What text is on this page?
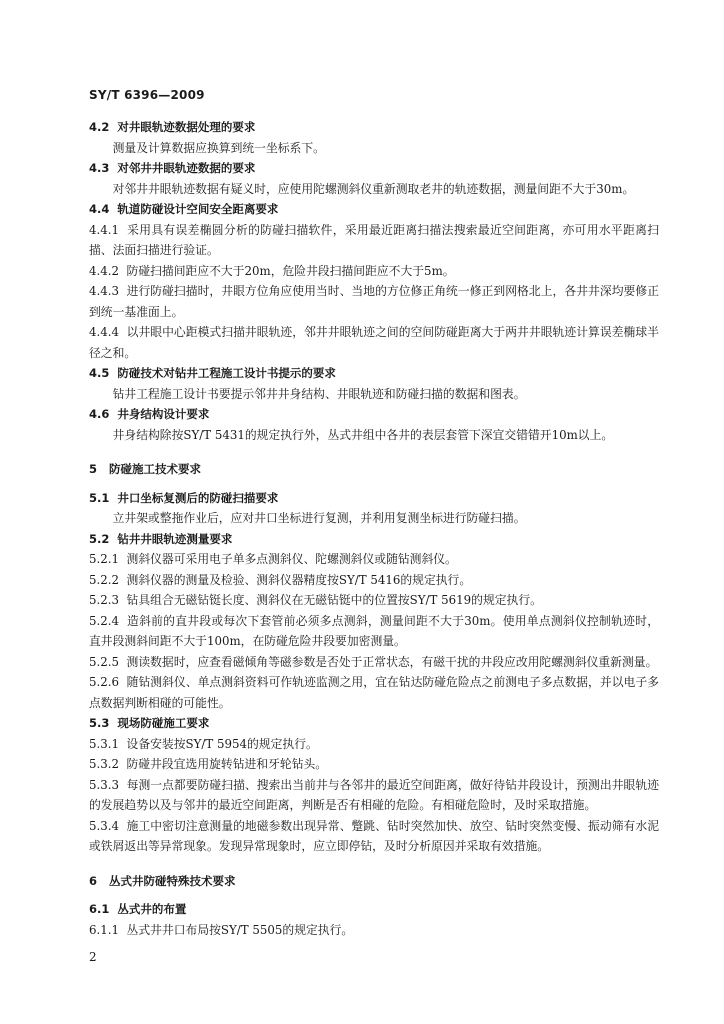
SY/T 6396—2009
4.2 对井眼轨迹数据处理的要求
测量及计算数据应换算到统一坐标系下。
4.3 对邻井井眼轨迹数据的要求
对邻井井眼轨迹数据有疑义时，应使用陀螺测斜仪重新测取老井的轨迹数据，测量间距不大于30m。
4.4 轨道防碰设计空间安全距离要求
4.4.1 采用具有误差椭圆分析的防碰扫描软件，采用最近距离扫描法搜索最近空间距离，亦可用水平距离扫描、法面扫描进行验证。
4.4.2 防碰扫描间距应不大于20m，危险井段扫描间距应不大于5m。
4.4.3 进行防碰扫描时，井眼方位角应使用当时、当地的方位修正角统一修正到网格北上，各井井深均要修正到统一基准面上。
4.4.4 以井眼中心距模式扫描井眼轨迹，邻井井眼轨迹之间的空间防碰距离大于两井井眼轨迹计算误差椭球半径之和。
4.5 防碰技术对钻井工程施工设计书提示的要求
钻井工程施工设计书要提示邻井井身结构、井眼轨迹和防碰扫描的数据和图表。
4.6 井身结构设计要求
井身结构除按SY/T 5431的规定执行外，丛式井组中各井的表层套管下深宜交错错开10m以上。
5 防碰施工技术要求
5.1 井口坐标复测后的防碰扫描要求
立井架或整拖作业后，应对井口坐标进行复测，并利用复测坐标进行防碰扫描。
5.2 钻井井眼轨迹测量要求
5.2.1 测斜仪器可采用电子单多点测斜仪、陀螺测斜仪或随钻测斜仪。
5.2.2 测斜仪器的测量及检验、测斜仪器精度按SY/T 5416的规定执行。
5.2.3 钻具组合无磁钻铤长度、测斜仪在无磁钻铤中的位置按SY/T 5619的规定执行。
5.2.4 造斜前的直井段或每次下套管前必须多点测斜，测量间距不大于30m。使用单点测斜仪控制轨迹时，直井段测斜间距不大于100m，在防碰危险井段要加密测量。
5.2.5 测读数据时，应查看磁倾角等磁参数是否处于正常状态，有磁干扰的井段应改用陀螺测斜仪重新测量。
5.2.6 随钻测斜仪、单点测斜资料可作轨迹监测之用，宜在钻达防碰危险点之前测电子多点数据，并以电子多点数据判断相碰的可能性。
5.3 现场防碰施工要求
5.3.1 设备安装按SY/T 5954的规定执行。
5.3.2 防碰井段宜选用旋转钻进和牙轮钻头。
5.3.3 每测一点都要防碰扫描、搜索出当前井与各邻井的最近空间距离，做好待钻井段设计，预测出井眼轨迹的发展趋势以及与邻井的最近空间距离，判断是否有相碰的危险。有相碰危险时，及时采取措施。
5.3.4 施工中密切注意测量的地磁参数出现异常、蹩跳、钻时突然加快、放空、钻时突然变慢、振动筛有水泥或铁屑返出等异常现象。发现异常现象时，应立即停钻，及时分析原因并采取有效措施。
6 丛式井防碰特殊技术要求
6.1 丛式井的布置
6.1.1 丛式井井口布局按SY/T 5505的规定执行。
2
